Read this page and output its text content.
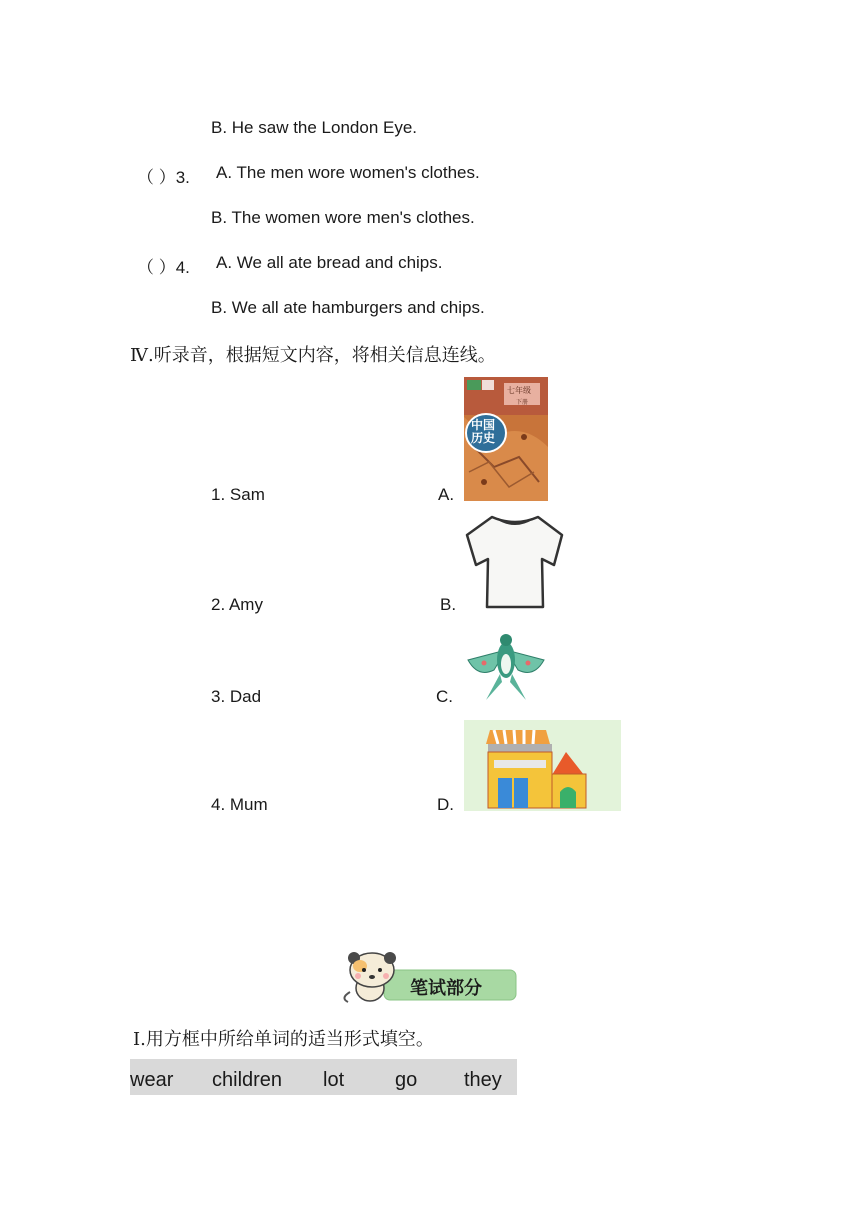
B. He saw the London Eye.
（ ）3. A. The men wore women's clothes.
B. The women wore men's clothes.
（ ）4. A. We all ate bread and chips.
B. We all ate hamburgers and chips.
Ⅳ.听录音，根据短文内容，将相关信息连线。
1. Sam
2. Amy
3. Dad
4. Mum
A.
B.
C.
D.
七年级
下册
中国历史
笔试部分
Ⅰ.用方框中所给单词的适当形式填空。
wear children lot	go they
